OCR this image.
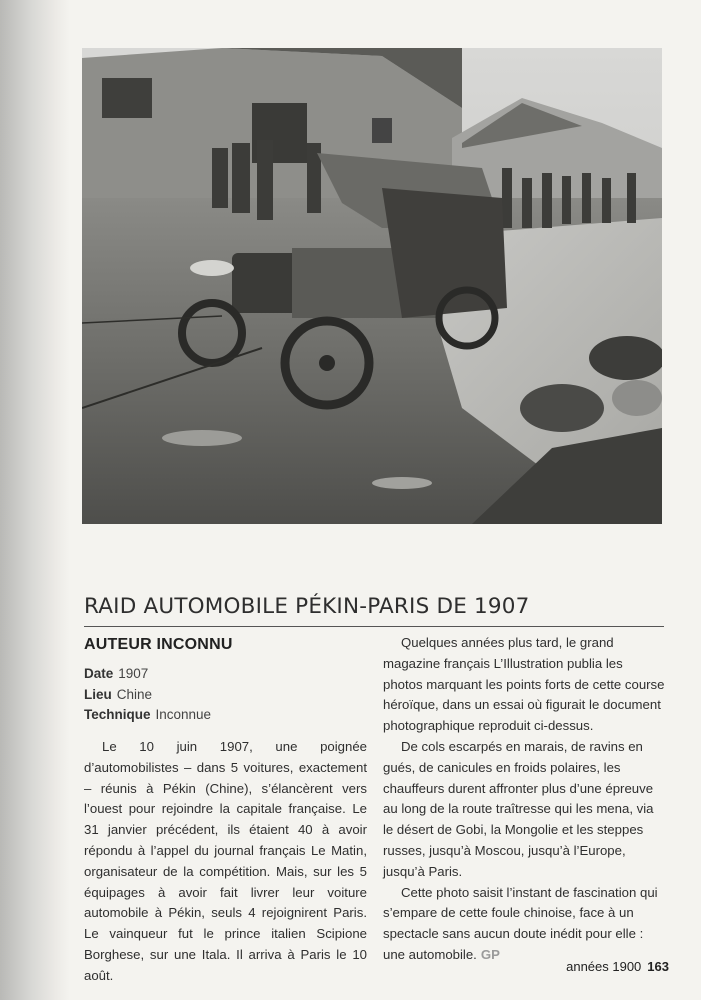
RAID AUTOMOBILE PÉKIN-PARIS DE 1907
AUTEUR INCONNU
Date 1907
Lieu Chine
Technique Inconnue

Le 10 juin 1907, une poignée d’automobilistes – dans 5 voitures, exactement – réunis à Pékin (Chine), s’élancèrent vers l’ouest pour rejoindre la capitale française. Le 31 janvier précédent, ils étaient 40 à avoir répondu à l’appel du journal français Le Matin, organisateur de la compétition. Mais, sur les 5 équipages à avoir fait livrer leur voiture automobile à Pékin, seuls 4 rejoignirent Paris. Le vainqueur fut le prince italien Scipione Borghese, sur une Itala. Il arriva à Paris le 10 août.

Quelques années plus tard, le grand magazine français L’Illustration publia les photos marquant les points forts de cette course héroïque, dans un essai où figurait le document photographique reproduit ci-dessus.

De cols escarpés en marais, de ravins en gués, de canicules en froids polaires, les chauffeurs durent affronter plus d’une épreuve au long de la route traîtresse qui les mena, via le désert de Gobi, la Mongolie et les steppes russes, jusqu’à Moscou, jusqu’à l’Europe, jusqu’à Paris.

Cette photo saisit l’instant de fascination qui s’empare de cette foule chinoise, face à un spectacle sans aucun doute inédit pour elle : une automobile. GP

années 1900 163
